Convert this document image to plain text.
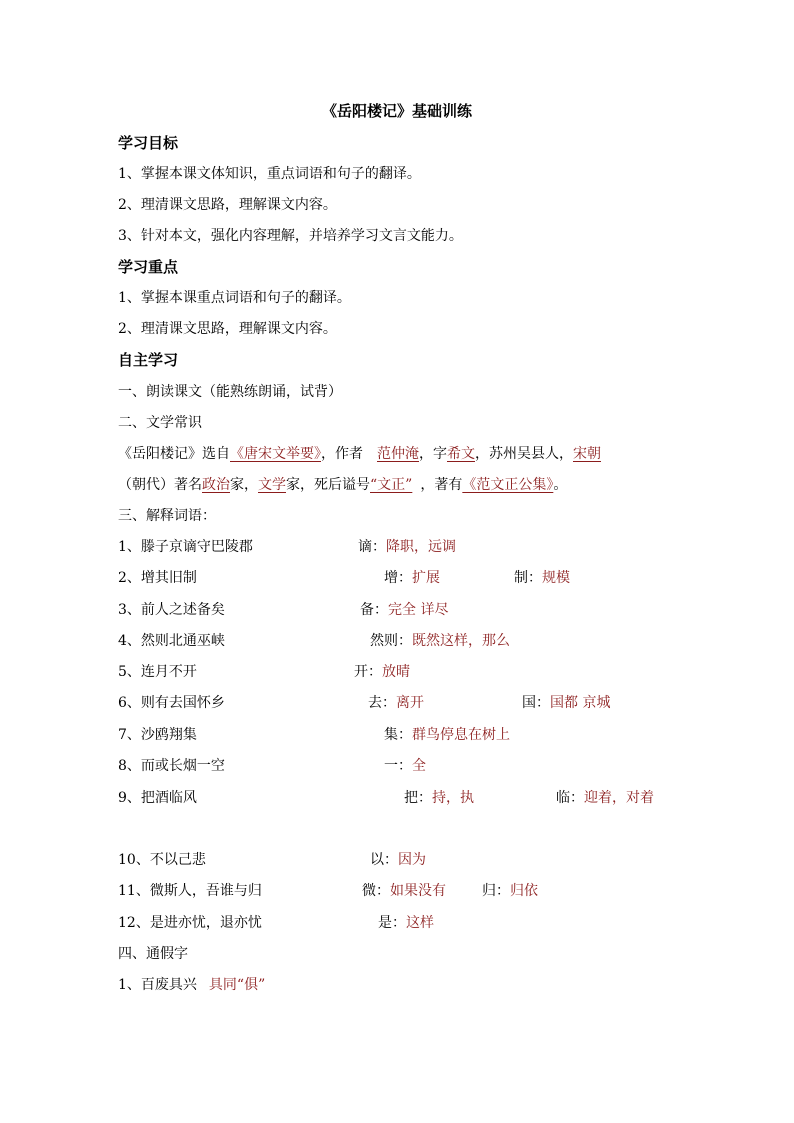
《岳阳楼记》基础训练
学习目标
1、掌握本课文体知识，重点词语和句子的翻译。
2、理清课文思路，理解课文内容。
3、针对本文，强化内容理解，并培养学习文言文能力。
学习重点
1、掌握本课重点词语和句子的翻译。
2、理清课文思路，理解课文内容。
自主学习
一、朗读课文（能熟练朗诵，试背）
二、文学常识
《岳阳楼记》选自《唐宋文举要》，作者 范仲淹，字希文，苏州吴县人，宋朝
（朝代）著名政治家，文学家，死后谥号“文正” ，著有《范文正公集》。
三、解释词语：
1、滕子京谪守巴陵郡	谪：降职，远调
2、增其旧制	增：扩展	制：规模
3、前人之述备矣	备：完全 详尽
4、然则北通巫峡	然则：既然这样，那么
5、连月不开	开：放晴
6、则有去国怀乡	去：离开	国：国都 京城
7、沙鸥翔集	集：群鸟停息在树上
8、而或长烟一空	一：全
9、把酒临风	把：持，执	临：迎着，对着
10、不以己悲	以：因为
11、微斯人，吾谁与归	微：如果没有	归：归依
12、是进亦忧，退亦忧	是：这样
四、通假字
1、百废具兴 具同“俱”
